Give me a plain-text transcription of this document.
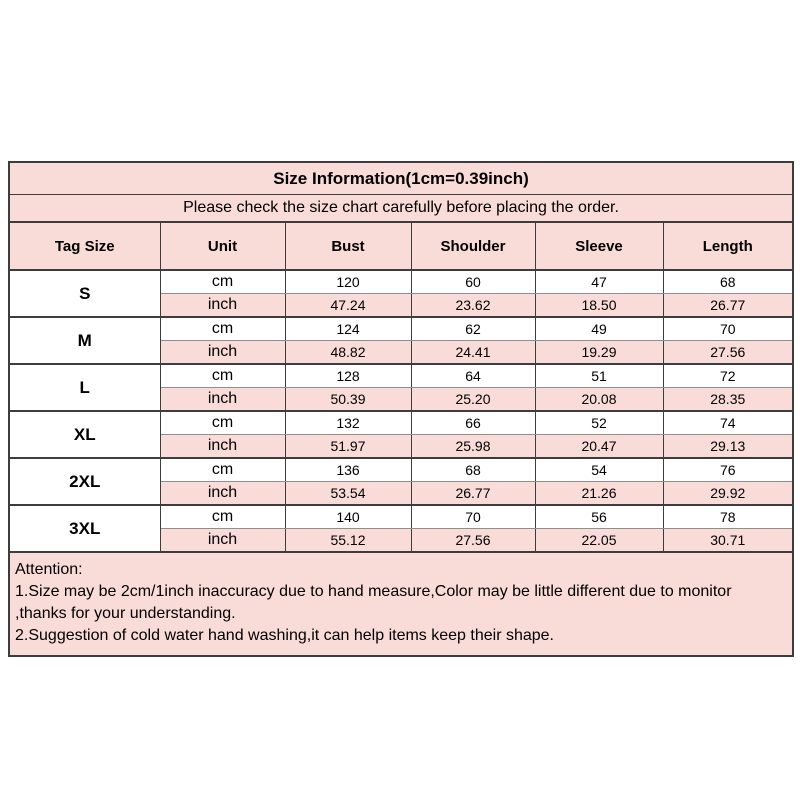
Size Information(1cm=0.39inch)					
Please check the size chart carefully before placing the order.					
Tag Size	Unit	Bust	Shoulder	Sleeve	Length
S	cm	120	60	47	68
	inch	47.24	23.62	18.50	26.77
M	cm	124	62	49	70
	inch	48.82	24.41	19.29	27.56
L	cm	128	64	51	72
	inch	50.39	25.20	20.08	28.35
XL	cm	132	66	52	74
	inch	51.97	25.98	20.47	29.13
2XL	cm	136	68	54	76
	inch	53.54	26.77	21.26	29.92
3XL	cm	140	70	56	78
	inch	55.12	27.56	22.05	30.71

Attention:
1.Size may be 2cm/1inch inaccuracy due to hand measure,Color may be little different due to monitor ,thanks for your understanding.
2.Suggestion of cold water hand washing,it can help items keep their shape.					
